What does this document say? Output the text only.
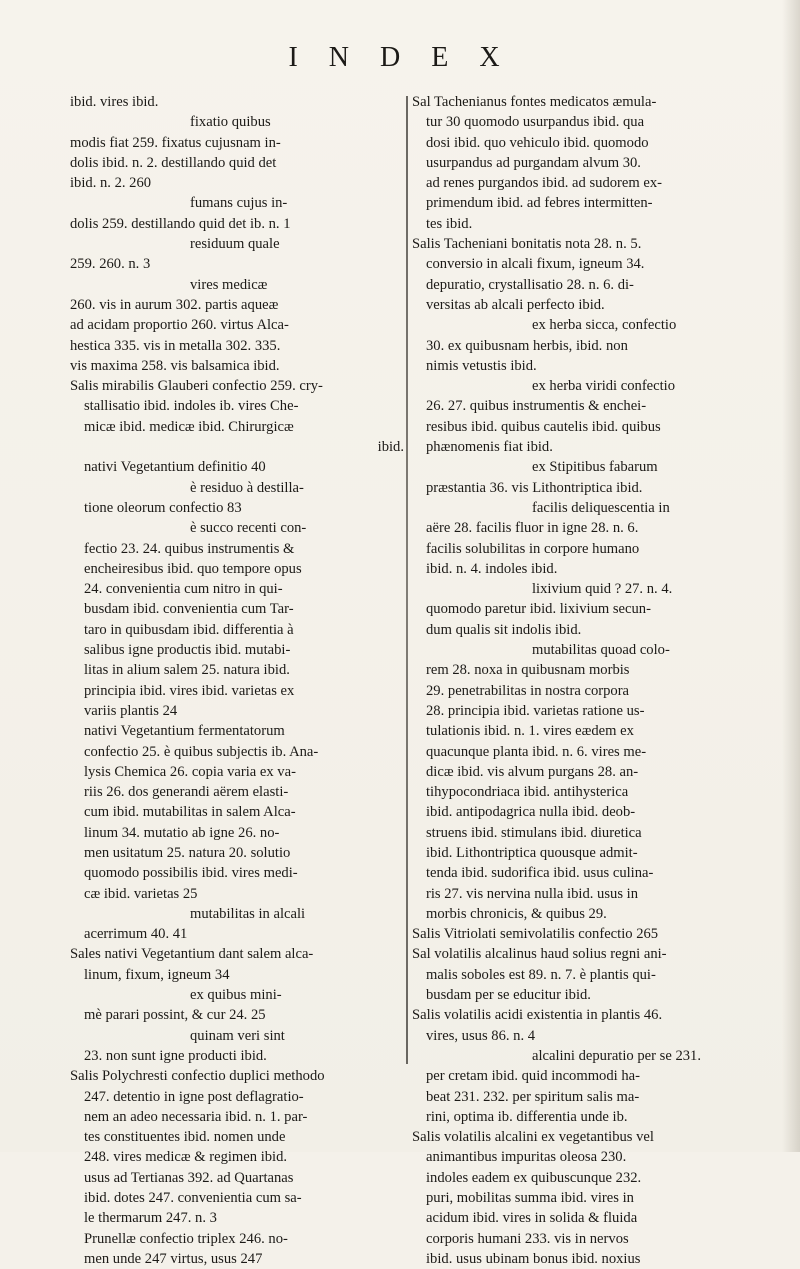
I N D E X
ibid. vires ibid.
fixatio quibus
modis fiat 259. fixatus cujusnam in-
dolis ibid. n. 2. destillando quid det
ibid. n. 2. 260
fumans cujus in-
dolis 259. destillando quid det ib. n. 1
residuum quale
259. 260. n. 3
vires medicæ
260. vis in aurum 302. partis aqueæ
ad acidam proportio 260. virtus Alca-
hestica 335. vis in metalla 302. 335.
vis maxima 258. vis balsamica ibid.
Salis mirabilis Glauberi confectio 259. cry-
stallisatio ibid. indoles ib. vires Che-
micæ ibid. medicæ ibid. Chirurgicæ
ibid.
nativi Vegetantium definitio 40
è residuo à destilla-
tione oleorum confectio 83
è succo recenti con-
fectio 23. 24. quibus instrumentis &
encheiresibus ibid. quo tempore opus
24. convenientia cum nitro in qui-
busdam ibid. convenientia cum Tar-
taro in quibusdam ibid. differentia à
salibus igne productis ibid. mutabi-
litas in alium salem 25. natura ibid.
principia ibid. vires ibid. varietas ex
variis plantis 24
nativi Vegetantium fermentatorum
confectio 25. è quibus subjectis ib. Ana-
lysis Chemica 26. copia varia ex va-
riis 26. dos generandi aërem elasti-
cum ibid. mutabilitas in salem Alca-
linum 34. mutatio ab igne 26. no-
men usitatum 25. natura 20. solutio
quomodo possibilis ibid. vires medi-
cæ ibid. varietas 25
mutabilitas in alcali
acerrimum 40. 41
Sales nativi Vegetantium dant salem alca-
linum, fixum, igneum 34
ex quibus mini-
mè parari possint, & cur 24. 25
quinam veri sint
23. non sunt igne producti ibid.
Salis Polychresti confectio duplici methodo
247. detentio in igne post deflagratio-
nem an adeo necessaria ibid. n. 1. par-
tes constituentes ibid. nomen unde
248. vires medicæ & regimen ibid.
usus ad Tertianas 392. ad Quartanas
ibid. dotes 247. convenientia cum sa-
le thermarum 247. n. 3
Prunellæ confectio triplex 246. no-
men unde 247 virtus, usus 247
Sal Tachenianus fontes medicatos æmula-
tur 30 quomodo usurpandus ibid. qua
dosi ibid. quo vehiculo ibid. quomodo
usurpandus ad purgandam alvum 30.
ad renes purgandos ibid. ad sudorem ex-
primendum ibid. ad febres intermitten-
tes ibid.
Salis Tacheniani bonitatis nota 28. n. 5.
conversio in alcali fixum, igneum 34.
depuratio, crystallisatio 28. n. 6. di-
versitas ab alcali perfecto ibid.
ex herba sicca, confectio
30. ex quibusnam herbis, ibid. non
nimis vetustis ibid.
ex herba viridi confectio
26. 27. quibus instrumentis & enchei-
resibus ibid. quibus cautelis ibid. quibus
phænomenis fiat ibid.
ex Stipitibus fabarum
præstantia 36. vis Lithontriptica ibid.
facilis deliquescentia in
aëre 28. facilis fluor in igne 28. n. 6.
facilis solubilitas in corpore humano
ibid. n. 4. indoles ibid.
lixivium quid ? 27. n. 4.
quomodo paretur ibid. lixivium secun-
dum qualis sit indolis ibid.
mutabilitas quoad colo-
rem 28. noxa in quibusnam morbis
29. penetrabilitas in nostra corpora
28. principia ibid. varietas ratione us-
tulationis ibid. n. 1. vires eædem ex
quacunque planta ibid. n. 6. vires me-
dicæ ibid. vis alvum purgans 28. an-
tihypocondriaca ibid. antihysterica
ibid. antipodagrica nulla ibid. deob-
struens ibid. stimulans ibid. diuretica
ibid. Lithontriptica quousque admit-
tenda ibid. sudorifica ibid. usus culina-
ris 27. vis nervina nulla ibid. usus in
morbis chronicis, & quibus 29.
Salis Vitriolati semivolatilis confectio 265
Sal volatilis alcalinus haud solius regni ani-
malis soboles est 89. n. 7. è plantis qui-
busdam per se educitur ibid.
Salis volatilis acidi existentia in plantis 46.
vires, usus 86. n. 4
alcalini depuratio per se 231.
per cretam ibid. quid incommodi ha-
beat 231. 232. per spiritum salis ma-
rini, optima ib. differentia unde ib.
Salis volatilis alcalini ex vegetantibus vel
animantibus impuritas oleosa 230.
indoles eadem ex quibuscunque 232.
puri, mobilitas summa ibid. vires in
acidum ibid. vires in solida & fluida
corporis humani 233. vis in nervos
ibid. usus ubinam bonus ibid. noxius
